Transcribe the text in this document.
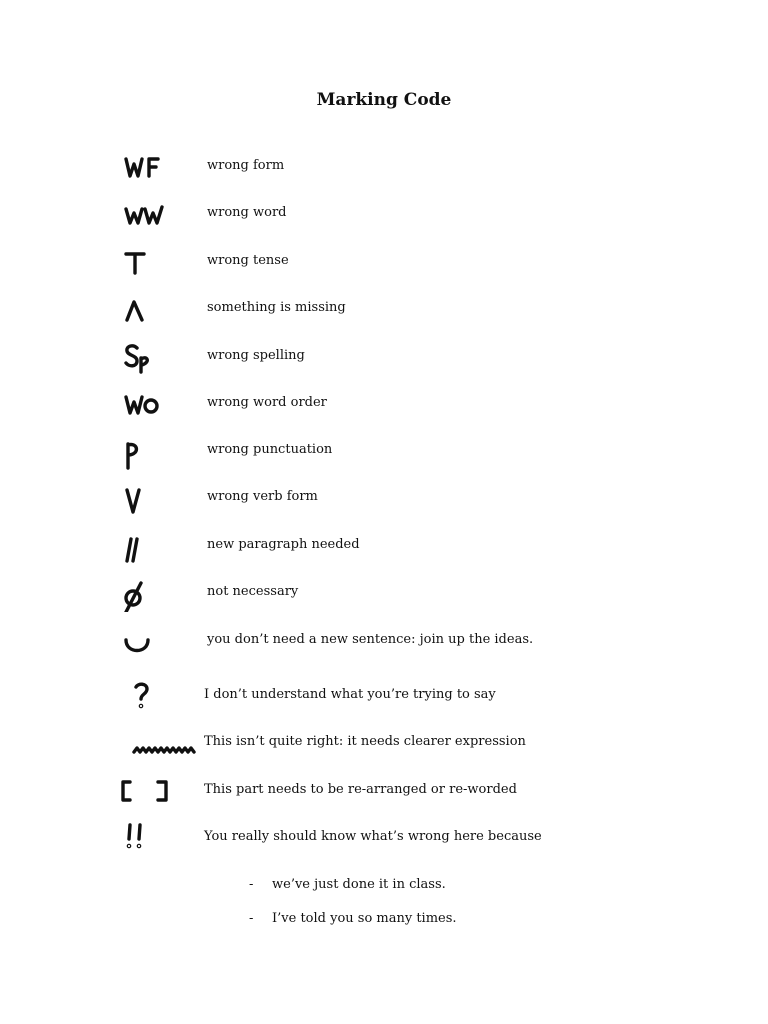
Marking Code
wrong form
wrong word
wrong tense
something is missing
wrong spelling
wrong word order
wrong punctuation
wrong verb form
new paragraph needed
not necessary
you don’t need a new sentence: join up the ideas.
I don’t understand what you’re trying to say
This isn’t quite right: it needs clearer expression
This part needs to be re-arranged or re-worded
You really should know what’s wrong here because
- we’ve just done it in class.
- I’ve told you so many times.
